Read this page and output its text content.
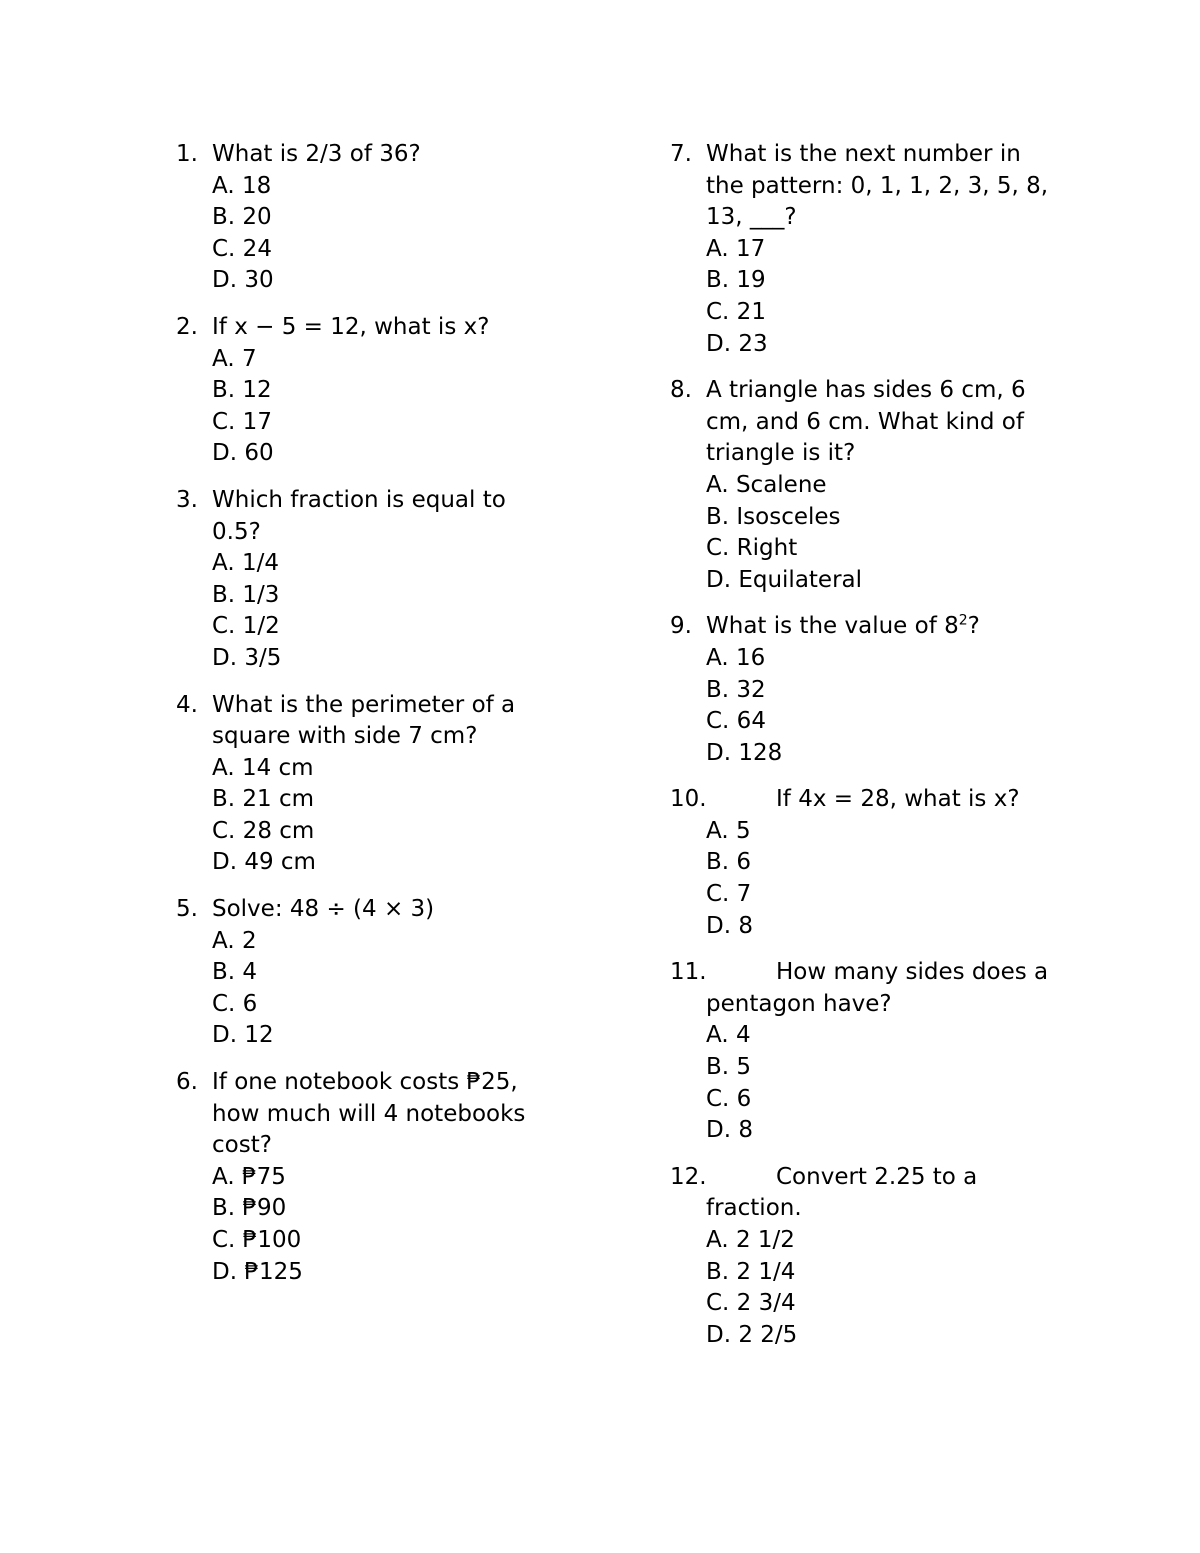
1. What is 2/3 of 36?
A. 18
B. 20
C. 24
D. 30
2. If x − 5 = 12, what is x?
A. 7
B. 12
C. 17
D. 60
3. Which fraction is equal to 0.5?
A. 1/4
B. 1/3
C. 1/2
D. 3/5
4. What is the perimeter of a square with side 7 cm?
A. 14 cm
B. 21 cm
C. 28 cm
D. 49 cm
5. Solve: 48 ÷ (4 × 3)
A. 2
B. 4
C. 6
D. 12
6. If one notebook costs ₱25, how much will 4 notebooks cost?
A. ₱75
B. ₱90
C. ₱100
D. ₱125
7. What is the next number in the pattern: 0, 1, 1, 2, 3, 5, 8, 13, ___?
A. 17
B. 19
C. 21
D. 23
8. A triangle has sides 6 cm, 6 cm, and 6 cm. What kind of triangle is it?
A. Scalene
B. Isosceles
C. Right
D. Equilateral
9. What is the value of $8^2$?
A. 16
B. 32
C. 64
D. 128
10.	If 4x = 28, what is x?
A. 5
B. 6
C. 7
D. 8
11.	How many sides does a pentagon have?
A. 4
B. 5
C. 6
D. 8
12.	Convert 2.25 to a fraction.
A. 2 1/2
B. 2 1/4
C. 2 3/4
D. 2 2/5
